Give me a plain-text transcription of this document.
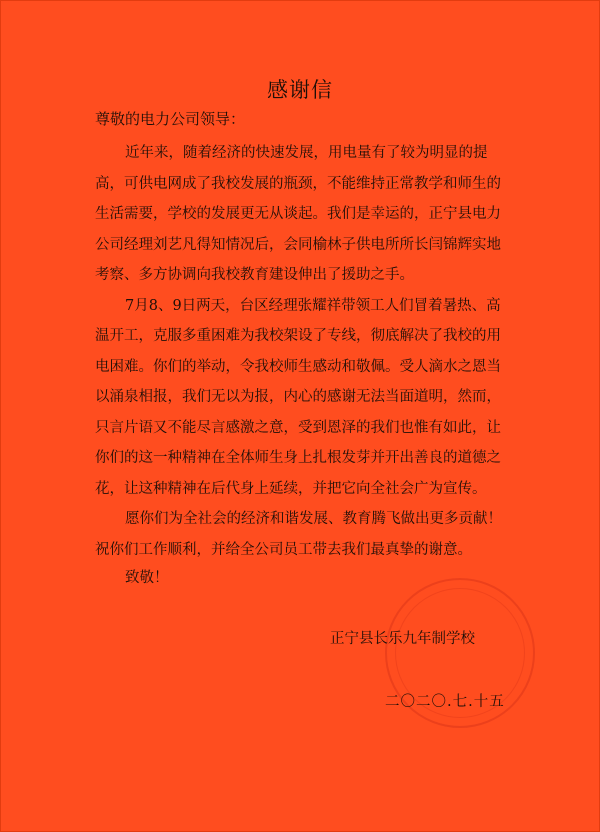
感谢信
尊敬的电力公司领导：

近年来，随着经济的快速发展，用电量有了较为明显的提高，可供电网成了我校发展的瓶颈，不能维持正常教学和师生的生活需要，学校的发展更无从谈起。我们是幸运的，正宁县电力公司经理刘艺凡得知情况后，会同榆林子供电所所长闫锦辉实地考察、多方协调向我校教育建设伸出了援助之手。

7月8、9日两天，台区经理张耀祥带领工人们冒着暑热、高温开工，克服多重困难为我校架设了专线，彻底解决了我校的用电困难。你们的举动，令我校师生感动和敬佩。受人滴水之恩当以涌泉相报，我们无以为报，内心的感谢无法当面道明，然而，只言片语又不能尽言感激之意，受到恩泽的我们也惟有如此，让你们的这一种精神在全体师生身上扎根发芽并开出善良的道德之花，让这种精神在后代身上延续，并把它向全社会广为宣传。

愿你们为全社会的经济和谐发展、教育腾飞做出更多贡献！祝你们工作顺利，并给全公司员工带去我们最真挚的谢意。

致敬！
正宁县长乐九年制学校
二〇二〇.七.十五
